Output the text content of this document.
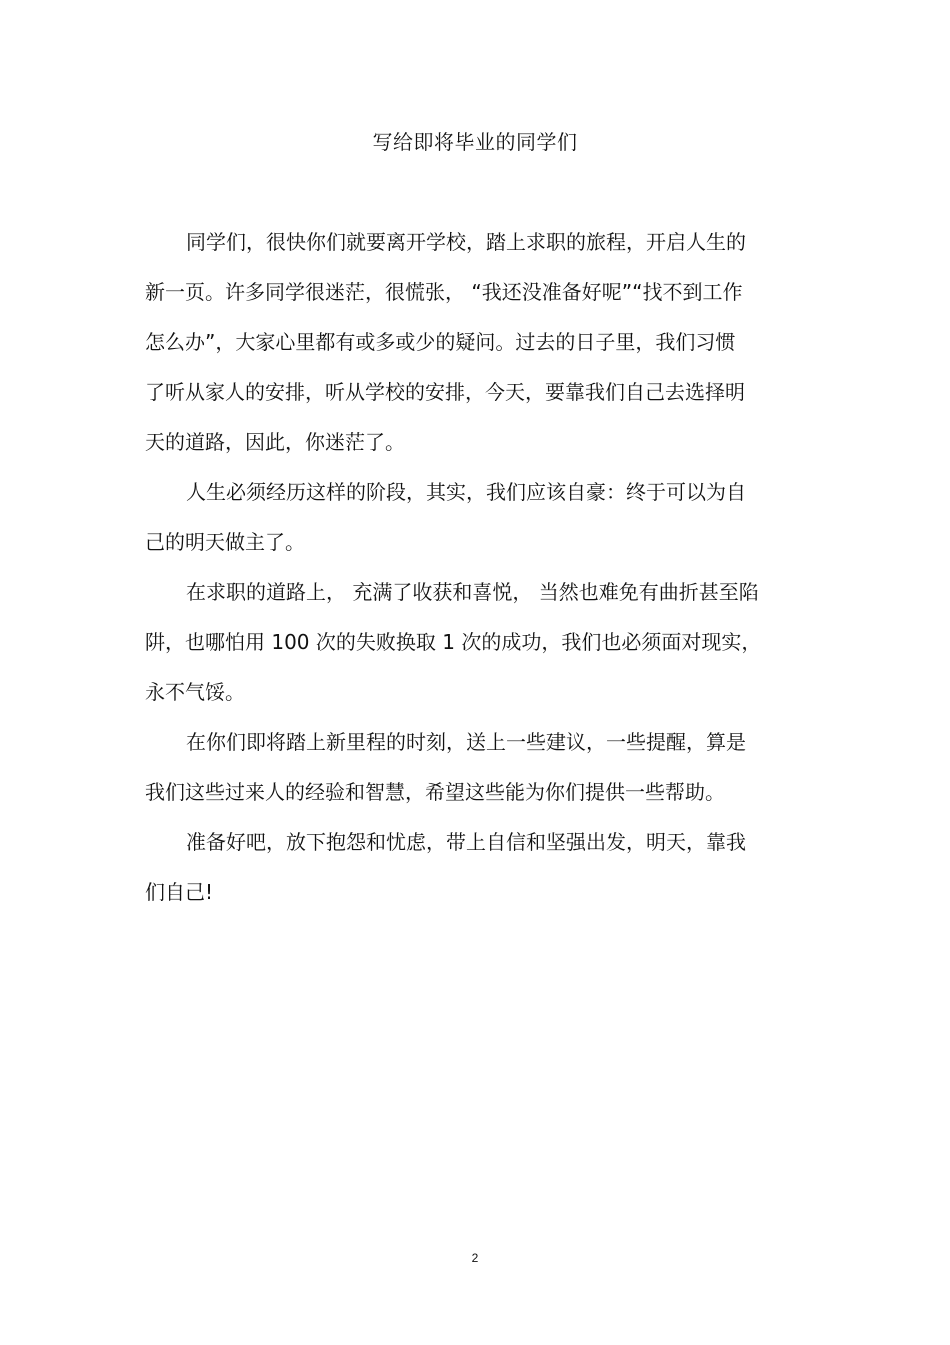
写给即将毕业的同学们
同学们，很快你们就要离开学校，踏上求职的旅程，开启人生的
新一页。许多同学很迷茫，很慌张， “我还没准备好呢”“找不到工作
怎么办”，大家心里都有或多或少的疑问。过去的日子里，我们习惯
了听从家人的安排，听从学校的安排，今天，要靠我们自己去选择明
天的道路，因此，你迷茫了。
人生必须经历这样的阶段，其实，我们应该自豪：终于可以为自
己的明天做主了。
在求职的道路上， 充满了收获和喜悦， 当然也难免有曲折甚至陷
阱，也哪怕用 100 次的失败换取 1 次的成功，我们也必须面对现实，
永不气馁。
在你们即将踏上新里程的时刻，送上一些建议，一些提醒，算是
我们这些过来人的经验和智慧，希望这些能为你们提供一些帮助。
准备好吧，放下抱怨和忧虑，带上自信和坚强出发，明天，靠我
们自己!
2
